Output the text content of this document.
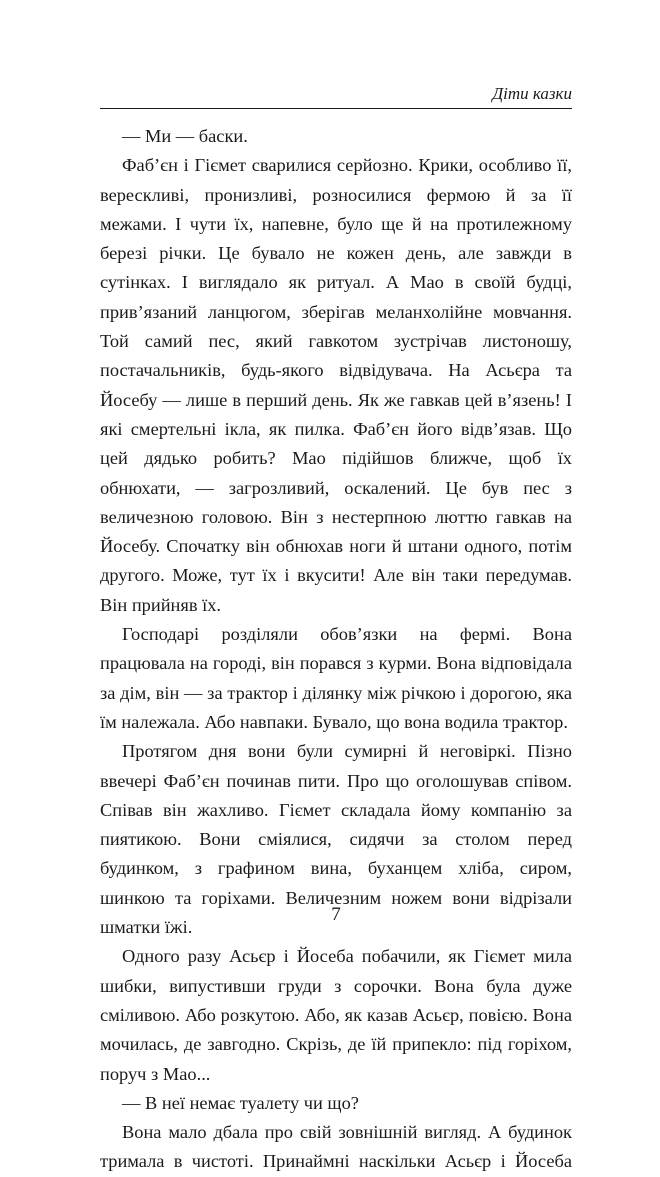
Діти казки

— Ми — баски.

Фаб’єн і Гіємет сварилися серйозно. Крики, особливо її, верескливі, пронизливі, розносилися фермою й за її межами. І чути їх, напевне, було ще й на протилежному березі річки. Це бувало не кожен день, але завжди в сутінках. І виглядало як ритуал. А Мао в своїй будці, прив’язаний ланцюгом, зберігав меланхолійне мовчання. Той самий пес, який гавкотом зустрічав листоношу, постачальників, будь-якого відвідувача. На Асьєра та Йосебу — лише в перший день. Як же гавкав цей в’язень! І які смертельні ікла, як пилка. Фаб’єн його відв’язав. Що цей дядько робить? Мао підійшов ближче, щоб їх обнюхати, — загрозливий, оскалений. Це був пес з величезною головою. Він з нестерпною люттю гавкав на Йосебу. Спочатку він обнюхав ноги й штани одного, потім другого. Може, тут їх і вкусити! Але він таки передумав. Він прийняв їх.

Господарі розділяли обов’язки на фермі. Вона працювала на городі, він порався з курми. Вона відповідала за дім, він — за трактор і ділянку між річкою і дорогою, яка їм належала. Або навпаки. Бувало, що вона водила трактор.

Протягом дня вони були сумирні й неговіркі. Пізно ввечері Фаб’єн починав пити. Про що оголошував співом. Співав він жахливо. Гіємет складала йому компанію за пиятикою. Вони сміялися, сидячи за столом перед будинком, з графином вина, буханцем хліба, сиром, шинкою та горіхами. Величезним ножем вони відрізали шматки їжі.

Одного разу Асьєр і Йосеба побачили, як Гіємет мила шибки, випустивши груди з сорочки. Вона була дуже сміливою. Або розкутою. Або, як казав Асьєр, повією. Вона мочилась, де завгодно. Скрізь, де їй припекло: під горіхом, поруч з Мао...

— В неї немає туалету чи що?

Вона мало дбала про свій зовнішній вигляд. А будинок тримала в чистоті. Принаймні наскільки Асьєр і Йосеба

7
